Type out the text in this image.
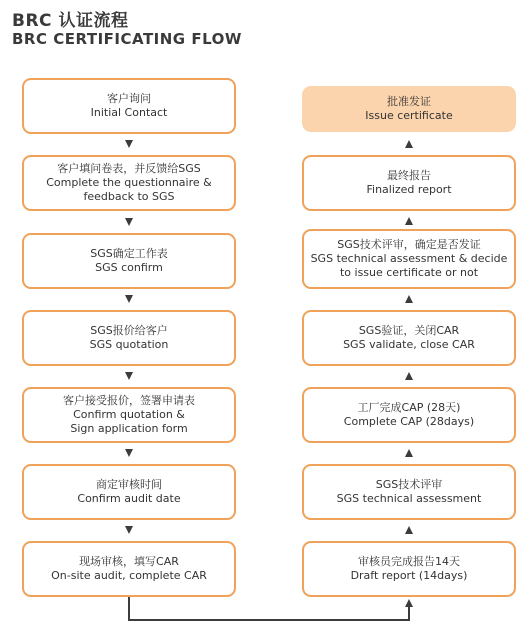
BRC 认证流程
BRC CERTIFICATING FLOW
客户询问
Initial Contact
客户填问卷表，并反馈给SGS
Complete the questionnaire &
feedback to SGS
SGS确定工作表
SGS confirm
SGS报价给客户
SGS quotation
客户接受报价，签署申请表
Confirm quotation &
Sign application form
商定审核时间
Confirm audit date
现场审核，填写CAR
On-site audit, complete CAR
批准发证
Issue certificate
最终报告
Finalized report
SGS技术评审，确定是否发证
SGS technical assessment & decide
to issue certificate or not
SGS验证，关闭CAR
SGS validate, close CAR
工厂完成CAP (28天)
Complete CAP (28days)
SGS技术评审
SGS technical assessment
审核员完成报告14天
Draft report (14days)
